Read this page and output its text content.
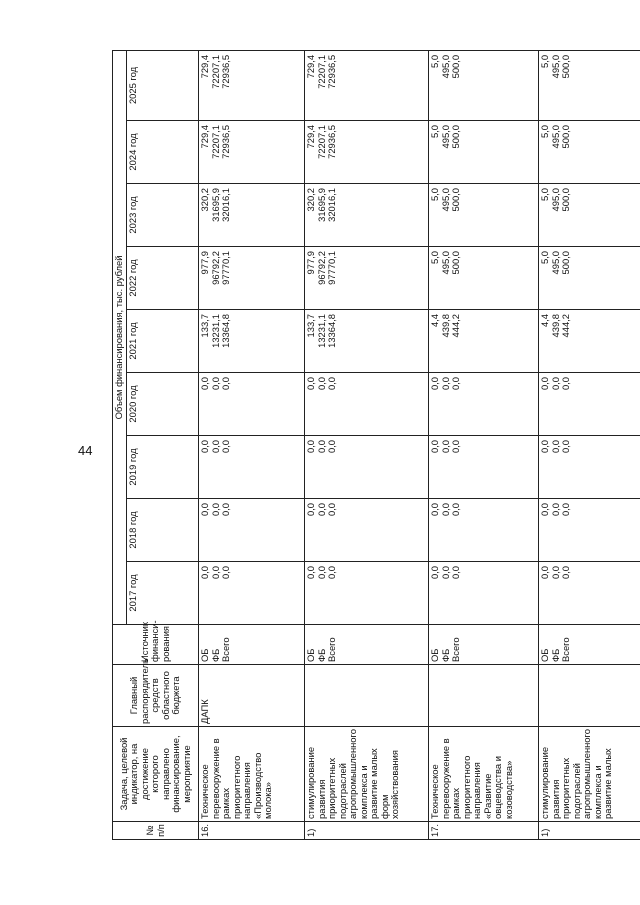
44
№ п/п	Задача, целевой индикатор, на достижение которого направлено финансирование, мероприятие	Главный распорядитель средств областного бюджета	Источник финанси-рования	Объем финансирования, тыс. рублей								
				2017 год	2018 год	2019 год	2020 год	2021 год	2022 год	2023 год	2024 год	2025 год
16.	Техническое перевооружение в рамках приоритетного направления «Производство молока»	ДАПК	ОБ ФБ Всего	0,0 0,0 0,0	0,0 0,0 0,0	0,0 0,0 0,0	0,0 0,0 0,0	133,7 13231,1 13364,8	977,9 96792,2 97770,1	320,2 31695,9 32016,1	729,4 72207,1 72936,5	729,4 72207,1 72936,5

1)	стимулирование развития приоритетных подотраслей агропромышленного комплекса и развитие малых форм хозяйствования		ОБ ФБ Всего	0,0 0,0 0,0	0,0 0,0 0,0	0,0 0,0 0,0	0,0 0,0 0,0	133,7 13231,1 13364,8	977,9 96792,2 97770,1	320,2 31695,9 32016,1	729,4 72207,1 72936,5	729,4 72207,1 72936,5

17.	Техническое перевооружение в рамках приоритетного направления «Развитие овцеводства и козоводства»		ОБ ФБ Всего	0,0 0,0 0,0	0,0 0,0 0,0	0,0 0,0 0,0	0,0 0,0 0,0	4,4 439,8 444,2	5,0 495,0 500,0	5,0 495,0 500,0	5,0 495,0 500,0	5,0 495,0 500,0

1)	стимулирование развития приоритетных подотраслей агропромышленного комплекса и развитие малых		ОБ ФБ Всего	0,0 0,0 0,0	0,0 0,0 0,0	0,0 0,0 0,0	0,0 0,0 0,0	4,4 439,8 444,2	5,0 495,0 500,0	5,0 495,0 500,0	5,0 495,0 500,0	5,0 495,0 500,0
